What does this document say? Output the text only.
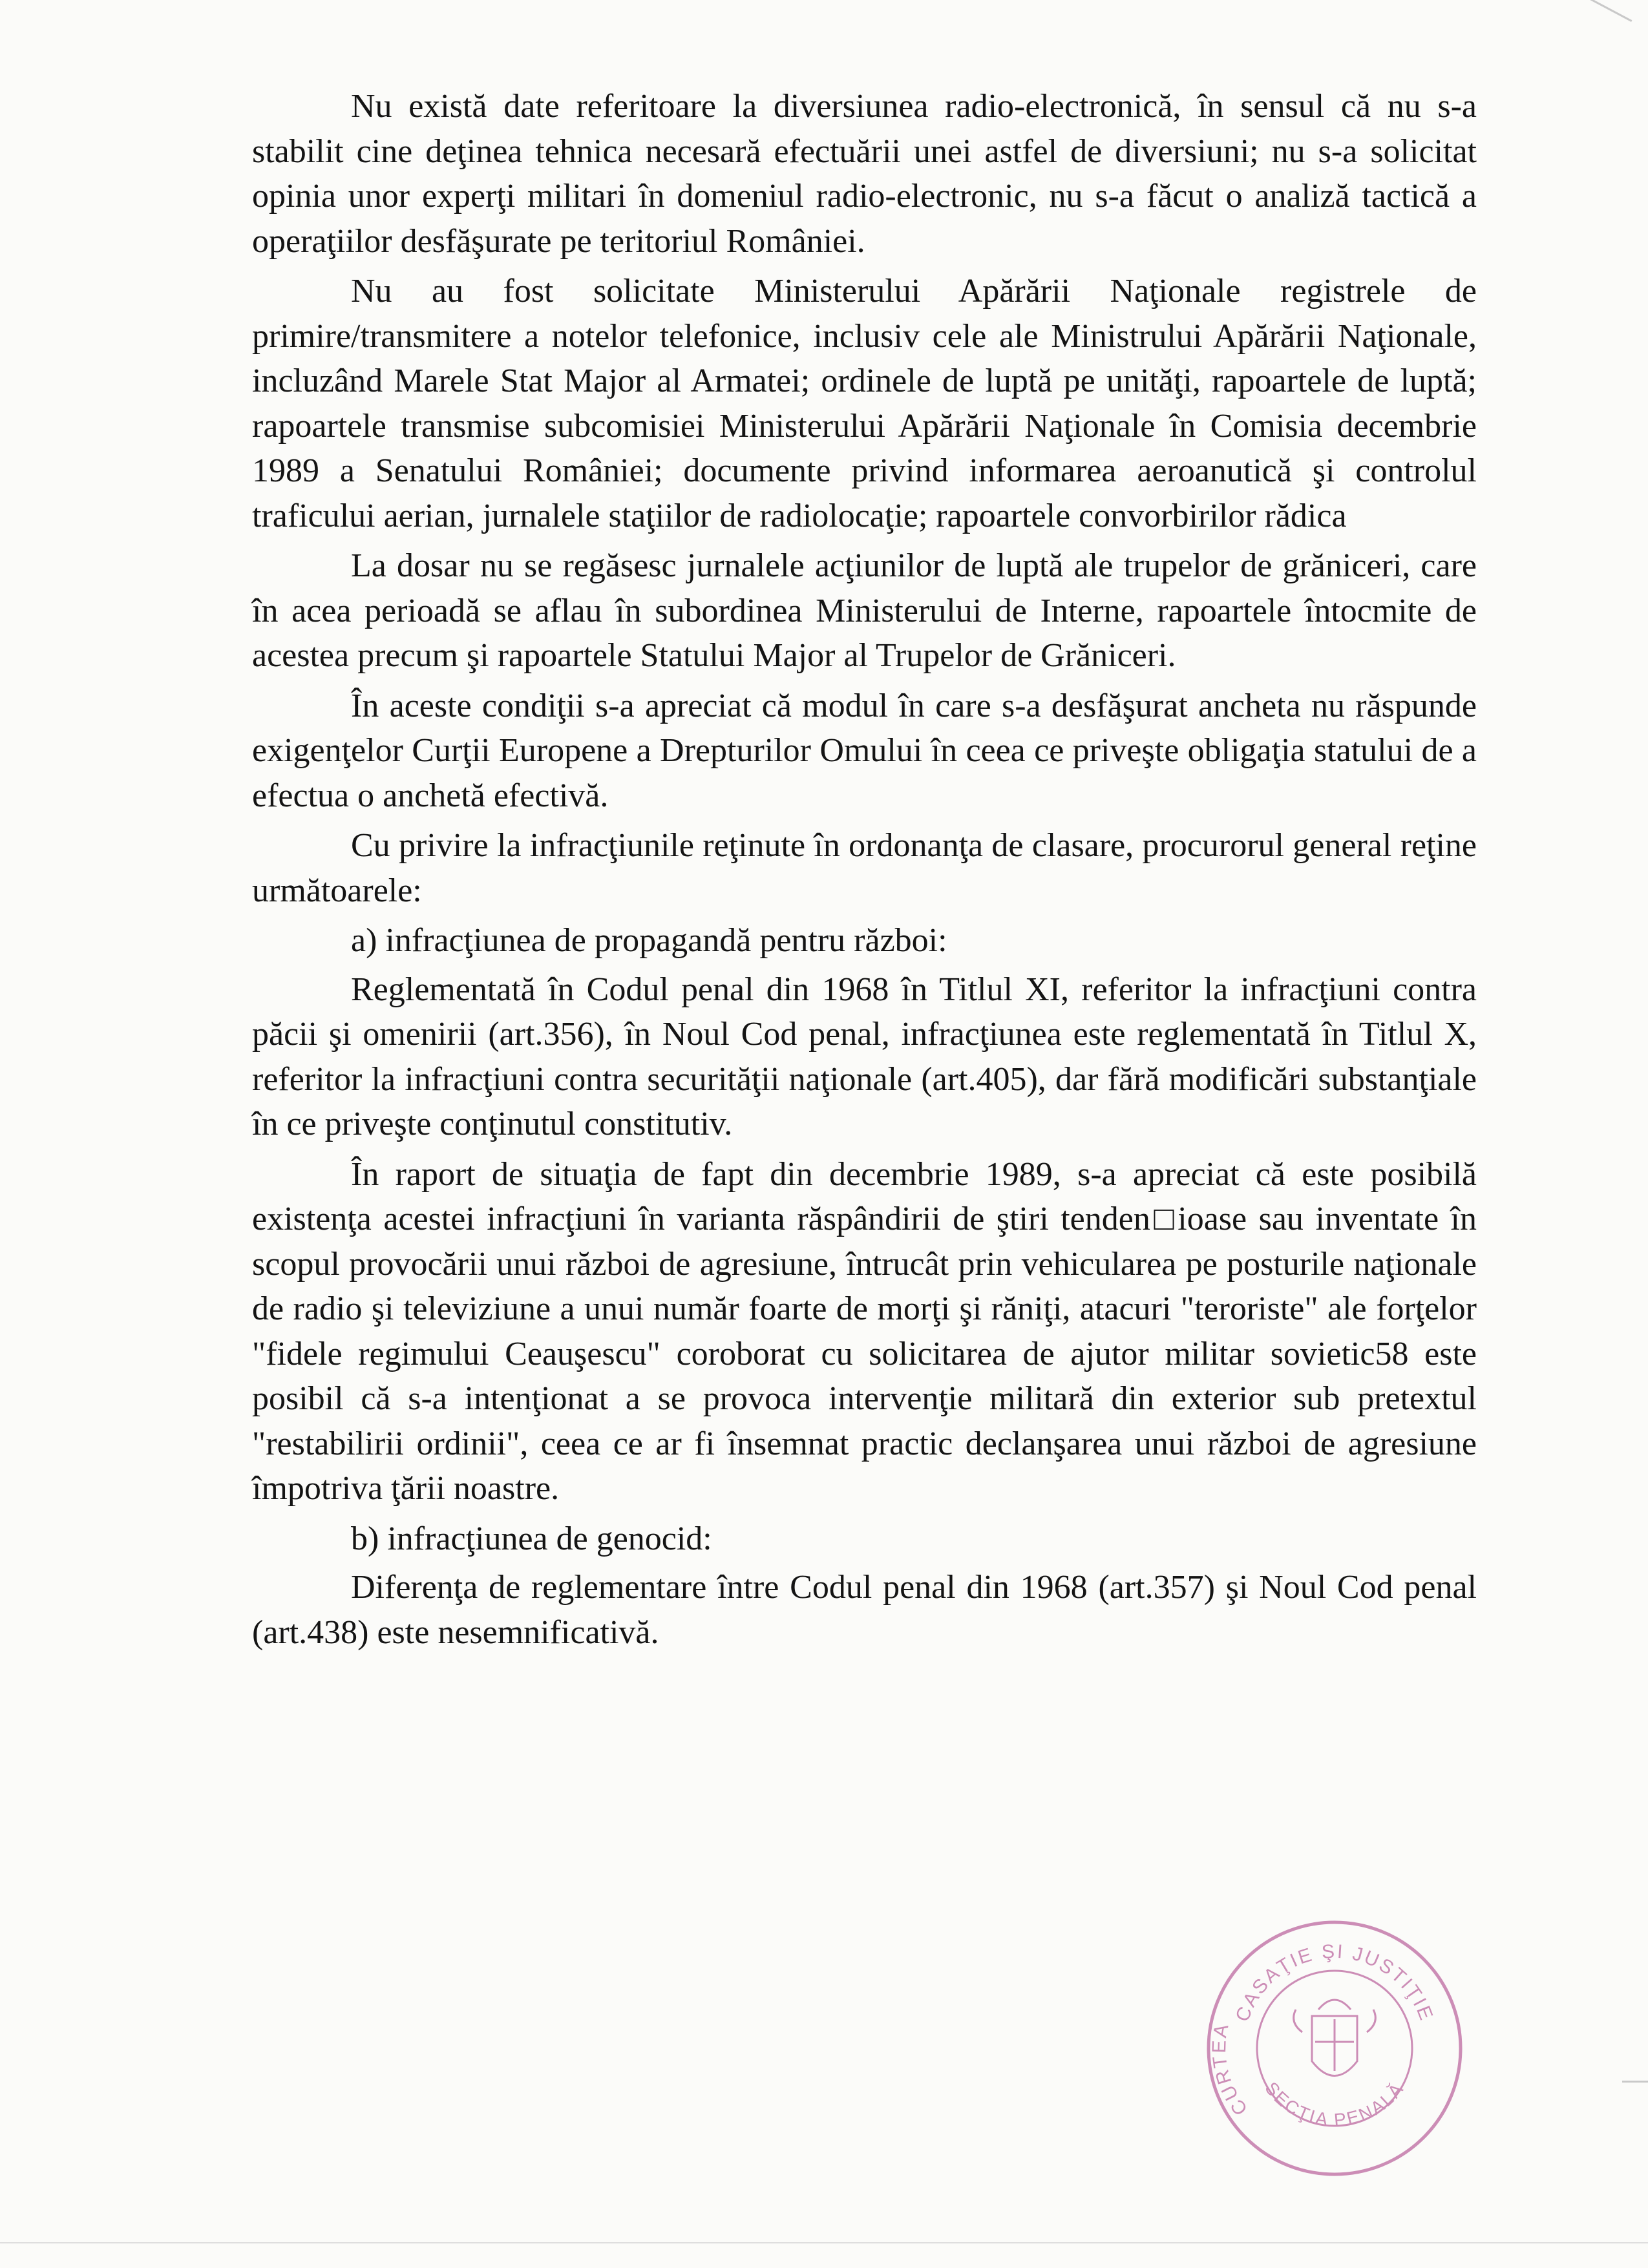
Nu există date referitoare la diversiunea radio-electronică, în sensul că nu s-a stabilit cine deţinea tehnica necesară efectuării unei astfel de diversiuni; nu s-a solicitat opinia unor experţi militari în domeniul radio-electronic, nu s-a făcut o analiză tactică a operaţiilor desfăşurate pe teritoriul României.

Nu au fost solicitate Ministerului Apărării Naţionale registrele de primire/transmitere a notelor telefonice, inclusiv cele ale Ministrului Apărării Naţionale, incluzând Marele Stat Major al Armatei; ordinele de luptă pe unităţi, rapoartele de luptă; rapoartele transmise subcomisiei Ministerului Apărării Naţionale în Comisia decembrie 1989 a Senatului României; documente privind informarea aeroanutică şi controlul traficului aerian, jurnalele staţiilor de radiolocaţie; rapoartele convorbirilor rădica

La dosar nu se regăsesc jurnalele acţiunilor de luptă ale trupelor de grăniceri, care în acea perioadă se aflau în subordinea Ministerului de Interne, rapoartele întocmite de acestea precum şi rapoartele Statului Major al Trupelor de Grăniceri.

În aceste condiţii s-a apreciat că modul în care s-a desfăşurat ancheta nu răspunde exigenţelor Curţii Europene a Drepturilor Omului în ceea ce priveşte obligaţia statului de a efectua o anchetă efectivă.

Cu privire la infracţiunile reţinute în ordonanţa de clasare, procurorul general reţine următoarele:

a) infracţiunea de propagandă pentru război:

Reglementată în Codul penal din 1968 în Titlul XI, referitor la infracţiuni contra păcii şi omenirii (art.356), în Noul Cod penal, infracţiunea este reglementată în Titlul X, referitor la infracţiuni contra securităţii naţionale (art.405), dar fără modificări substanţiale în ce priveşte conţinutul constitutiv.

În raport de situaţia de fapt din decembrie 1989, s-a apreciat că este posibilă existenţa acestei infracţiuni în varianta răspândirii de ştiri tenden□ioase sau inventate în scopul provocării unui război de agresiune, întrucât prin vehicularea pe posturile naţionale de radio şi televiziune a unui număr foarte de morţi şi răniţi, atacuri "teroriste" ale forţelor "fidele regimului Ceauşescu" coroborat cu solicitarea de ajutor militar sovietic58 este posibil că s-a intenţionat a se provoca intervenţie militară din exterior sub pretextul "restabilirii ordinii", ceea ce ar fi însemnat practic declanşarea unui război de agresiune împotriva ţării noastre.

b) infracţiunea de genocid:

Diferenţa de reglementare între Codul penal din 1968 (art.357) şi Noul Cod penal (art.438) este nesemnificativă.

CASAŢIE ŞI JUSTIŢIE
CURTEA
SECŢIA PENALĂ
